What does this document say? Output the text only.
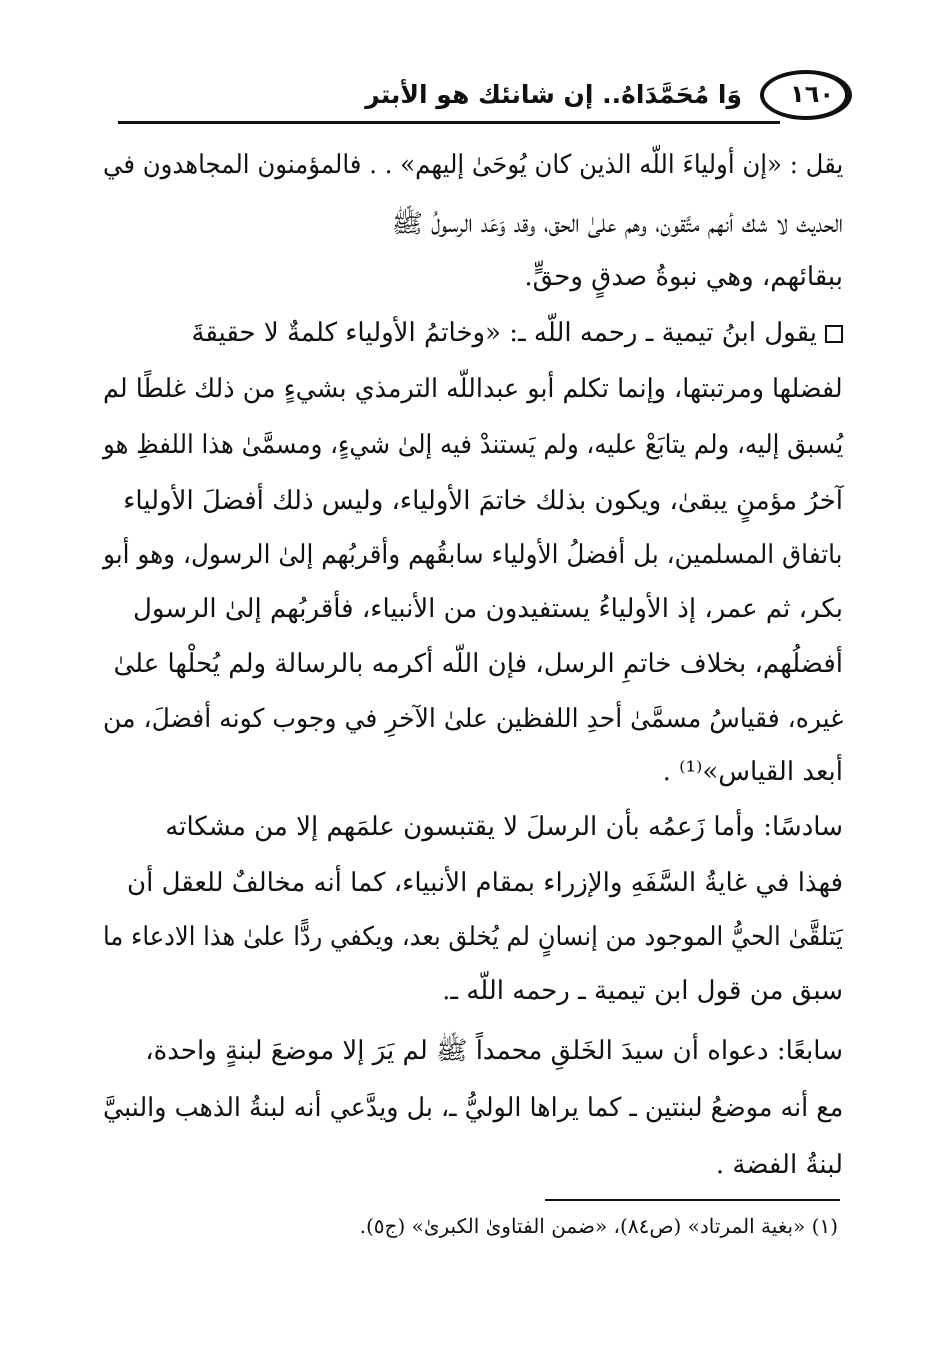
وَا مُحَمَّدَاهُ.. إن شانئك هو الأبتر ١٦٠
يقل : «إن أولياءَ اللّه الذين كان يُوحَىٰ إليهم» . . فالمؤمنون المجاهدون في
الحديث لا شك أنهم متَّقون، وهم علىٰ الحق، وقد وَعَد الرسولُ ﷺ
ببقائهم، وهي نبوةُ صدقٍ وحقٍّ.
يقول ابنُ تيمية ـ رحمه اللّه ـ: «وخاتمُ الأولياء كلمةٌ لا حقيقةَ
لفضلها ومرتبتها، وإنما تكلم أبو عبداللّه الترمذي بشيءٍ من ذلك غلطًا لم
يُسبق إليه، ولم يتابَعْ عليه، ولم يَستندْ فيه إلىٰ شيءٍ، ومسمَّىٰ هذا اللفظِ هو
آخرُ مؤمنٍ يبقىٰ، ويكون بذلك خاتمَ الأولياء، وليس ذلك أفضلَ الأولياء
باتفاق المسلمين، بل أفضلُ الأولياء سابقُهم وأقربُهم إلىٰ الرسول، وهو أبو
بكر، ثم عمر، إذ الأولياءُ يستفيدون من الأنبياء، فأقربُهم إلىٰ الرسول
أفضلُهم، بخلاف خاتمِ الرسل، فإن اللّه أكرمه بالرسالة ولم يُحلْها علىٰ
غيره، فقياسُ مسمَّىٰ أحدِ اللفظين علىٰ الآخرِ في وجوب كونه أفضلَ، من
أبعد القياس»⁽¹⁾ .
سادسًا: وأما زَعمُه بأن الرسلَ لا يقتبسون علمَهم إلا من مشكاته
فهذا في غايةُ السَّفَهِ والإزراء بمقام الأنبياء، كما أنه مخالفٌ للعقل أن
يَتلقَّىٰ الحيُّ الموجود من إنسانٍ لم يُخلق بعد، ويكفي ردًّا علىٰ هذا الادعاء ما
سبق من قول ابن تيمية ـ رحمه اللّه ـ.
سابعًا: دعواه أن سيدَ الخَلقِ محمداً ﷺ لم يَرَ إلا موضعَ لبنةٍ واحدة،
مع أنه موضعُ لبنتين ـ كما يراها الوليُّ ـ، بل ويدَّعي أنه لبنةُ الذهب والنبيَّ
لبنةُ الفضة .
(١) «بغية المرتاد» (ص٨٤)، «ضمن الفتاوىٰ الكبرىٰ» (ج٥).
